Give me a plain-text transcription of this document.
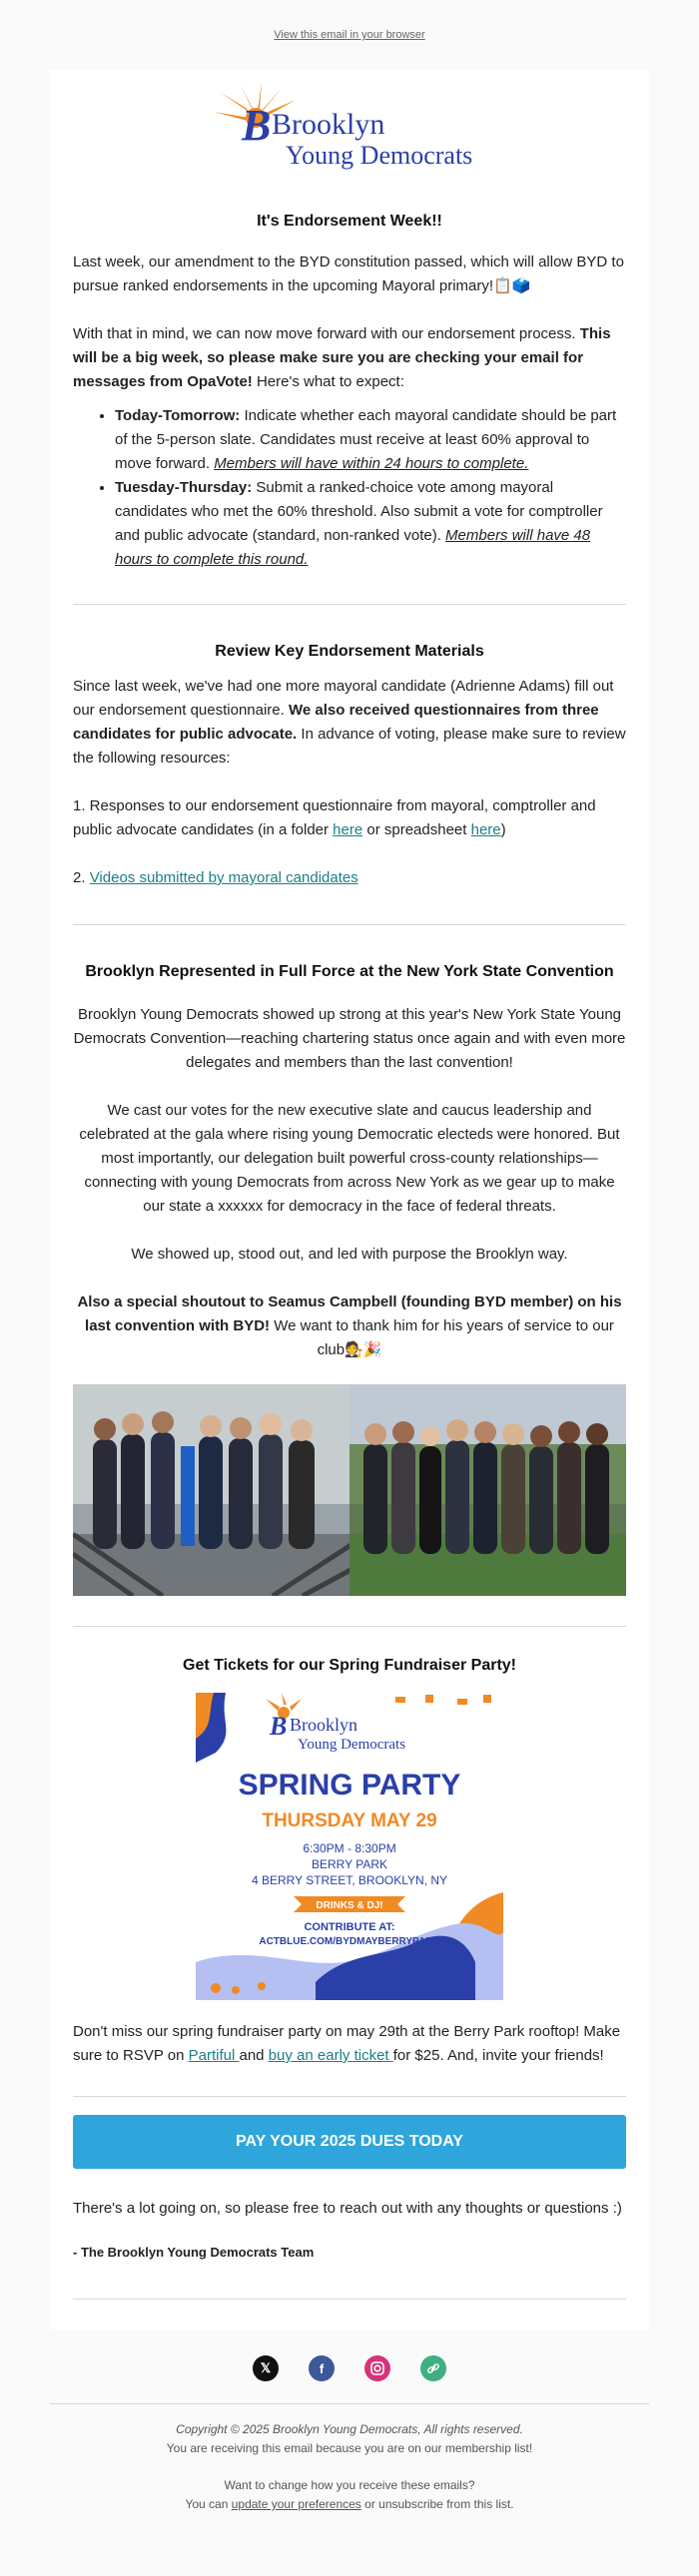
View this email in your browser
B Brooklyn
Young Democrats
It's Endorsement Week!!

Last week, our amendment to the BYD constitution passed, which will allow BYD to pursue ranked endorsements in the upcoming Mayoral primary!📋🗳️

With that in mind, we can now move forward with our endorsement process. This will be a big week, so please make sure you are checking your email for messages from OpaVote! Here's what to expect:

• Today-Tomorrow: Indicate whether each mayoral candidate should be part of the 5-person slate. Candidates must receive at least 60% approval to move forward. Members will have within 24 hours to complete.
• Tuesday-Thursday: Submit a ranked-choice vote among mayoral candidates who met the 60% threshold. Also submit a vote for comptroller and public advocate (standard, non-ranked vote). Members will have 48 hours to complete this round.
Review Key Endorsement Materials

Since last week, we've had one more mayoral candidate (Adrienne Adams) fill out our endorsement questionnaire. We also received questionnaires from three candidates for public advocate. In advance of voting, please make sure to review the following resources:

1. Responses to our endorsement questionnaire from mayoral, comptroller and public advocate candidates (in a folder here or spreadsheet here)

2. Videos submitted by mayoral candidates

Brooklyn Represented in Full Force at the New York State Convention

Brooklyn Young Democrats showed up strong at this year's New York State Young Democrats Convention—reaching chartering status once again and with even more delegates and members than the last convention!

We cast our votes for the new executive slate and caucus leadership and celebrated at the gala where rising young Democratic electeds were honored. But most importantly, our delegation built powerful cross-county relationships—connecting with young Democrats from across New York as we gear up to make our state a xxxxxx for democracy in the face of federal threats.

We showed up, stood out, and led with purpose the Brooklyn way.

Also a special shoutout to Seamus Campbell (founding BYD member) on his last convention with BYD! We want to thank him for his years of service to our club🧑‍⚖️🎉

Get Tickets for our Spring Fundraiser Party!
B Brooklyn
Young Democrats
SPRING PARTY
THURSDAY MAY 29
6:30PM - 8:30PM
BERRY PARK
4 BERRY STREET, BROOKLYN, NY
DRINKS & DJ!
CONTRIBUTE AT:
ACTBLUE.COM/BYDMAYBERRYPARK

Don't miss our spring fundraiser party on may 29th at the Berry Park rooftop! Make sure to RSVP on Partiful and buy an early ticket for $25. And, invite your friends!

PAY YOUR 2025 DUES TODAY

There's a lot going on, so please free to reach out with any thoughts or questions :)

- The Brooklyn Young Democrats Team

𝕏	f
Copyright © 2025 Brooklyn Young Democrats, All rights reserved.
You are receiving this email because you are on our membership list!
Want to change how you receive these emails?
You can update your preferences or unsubscribe from this list.
